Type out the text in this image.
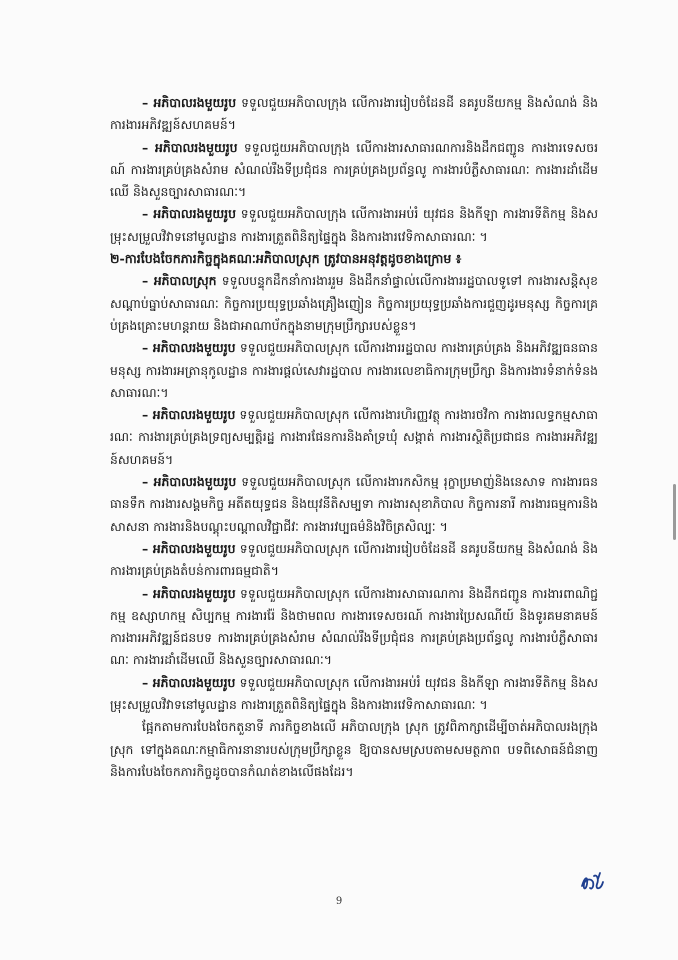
– អភិបាលរងមួយរូប ទទួលជួយអភិបាលក្រុង លើការងាររៀបចំដែនដី នគរូបនីយកម្ម និងសំណង់ និងការងារអភិវឌ្ឍន៍សហគមន៍។

– អភិបាលរងមួយរូប ទទួលជួយអភិបាលក្រុង លើការងារសាធារណការនិងដឹកជញ្ជូន ការងារទេសចរណ៍ ការងារគ្រប់គ្រងសំរាម សំណល់រឹងទីប្រជុំជន ការគ្រប់គ្រងប្រព័ន្ធលូ ការងារបំភ្លឺសាធារណៈ ការងារដាំដើមឈើ និងសួនច្បារសាធារណៈ។

– អភិបាលរងមួយរូប ទទួលជួយអភិបាលក្រុង លើការងារអប់រំ យុវជន និងកីឡា ការងារទីតិកម្ម និងសម្រុះសម្រួលវិវាទនៅមូលដ្ឋាន ការងារត្រួតពិនិត្យផ្ទៃក្នុង និងការងារវេទិកាសាធារណៈ ។

២-ការបែងចែកភារកិច្ចក្នុងគណៈអភិបាលស្រុក ត្រូវបានអនុវត្តដូចខាងក្រោម ៖

– អភិបាលស្រុក ទទួលបន្ទុកដឹកនាំការងាររួម និងដឹកនាំផ្ទាល់លើការងាររដ្ឋបាលទូទៅ ការងារសន្តិសុខ សណ្តាប់ធ្នាប់សាធារណៈ កិច្ចការប្រយុទ្ធប្រឆាំងគ្រឿងញៀន កិច្ចការប្រយុទ្ធប្រឆាំងការជួញដូរមនុស្ស កិច្ចការគ្រប់គ្រងគ្រោះមហន្តរាយ និងជាអាណាប័កក្នុងនាមក្រុមប្រឹក្សារបស់ខ្លួន។

– អភិបាលរងមួយរូប ទទួលជួយអភិបាលស្រុក លើការងាររដ្ឋបាល ការងារគ្រប់គ្រង និងអភិវឌ្ឍធនធានមនុស្ស ការងារអត្រានុកូលដ្ឋាន ការងារផ្តល់សេវារដ្ឋបាល ការងារលេខាធិការក្រុមប្រឹក្សា និងការងារទំនាក់ទំនងសាធារណៈ។

– អភិបាលរងមួយរូប ទទួលជួយអភិបាលស្រុក លើការងារហិរញ្ញវត្ថុ ការងារថវិកា ការងារលទ្ធកម្មសាធារណៈ ការងារគ្រប់គ្រងទ្រព្យសម្បត្តិរដ្ឋ ការងារផែនការនិងគាំទ្រឃុំ សង្កាត់ ការងារស្ថិតិប្រជាជន ការងារអភិវឌ្ឍន៍សហគមន៍។

– អភិបាលរងមួយរូប ទទួលជួយអភិបាលស្រុក លើការងារកសិកម្ម រុក្ខាប្រមាញ់និងនេសាទ ការងារធនធានទឹក ការងារសង្គមកិច្ច អតីតយុទ្ធជន និងយុវនីតិសម្បទា ការងារសុខាភិបាល កិច្ចការនារី ការងារធម្មការនិងសាសនា ការងារនិងបណ្តុះបណ្តាលវិជ្ជាជីវៈ ការងារវប្បធម៌និងវិចិត្រសិល្បៈ ។

– អភិបាលរងមួយរូប ទទួលជួយអភិបាលស្រុក លើការងាររៀបចំដែនដី នគរូបនីយកម្ម និងសំណង់ និងការងារគ្រប់គ្រងតំបន់ការពារធម្មជាតិ។

– អភិបាលរងមួយរូប ទទួលជួយអភិបាលស្រុក លើការងារសាធារណការ និងដឹកជញ្ជូន ការងារពាណិជ្ជកម្ម ឧស្សាហកម្ម សិប្បកម្ម ការងាររ៉ែ និងថាមពល ការងារទេសចរណ៍ ការងារប្រៃសណីយ៍ និងទូរគមនាគមន៍ ការងារអភិវឌ្ឍន៍ជនបទ ការងារគ្រប់គ្រងសំរាម សំណល់រឹងទីប្រជុំជន ការគ្រប់គ្រងប្រព័ន្ធលូ ការងារបំភ្លឺសាធារណៈ ការងារដាំដើមឈើ និងសួនច្បារសាធារណៈ។

– អភិបាលរងមួយរូប ទទួលជួយអភិបាលស្រុក លើការងារអប់រំ យុវជន និងកីឡា ការងារទីតិកម្ម និងសម្រុះសម្រួលវិវាទនៅមូលដ្ឋាន ការងារត្រួតពិនិត្យផ្ទៃក្នុង និងការងារវេទិកាសាធារណៈ ។

ផ្អែកតាមការបែងចែកតួនាទី ភារកិច្ចខាងលើ អភិបាលក្រុង ស្រុក ត្រូវពិភាក្សាដើម្បីចាត់អភិបាលរងក្រុង ស្រុក ទៅក្នុងគណៈកម្មាធិការនានារបស់ក្រុមប្រឹក្សាខ្លួន ឱ្យបានសមស្របតាមសមត្ថភាព បទពិសោធន៍ជំនាញ និងការបែងចែកភារកិច្ចដូចបានកំណត់ខាងលើផងដែរ។

9
